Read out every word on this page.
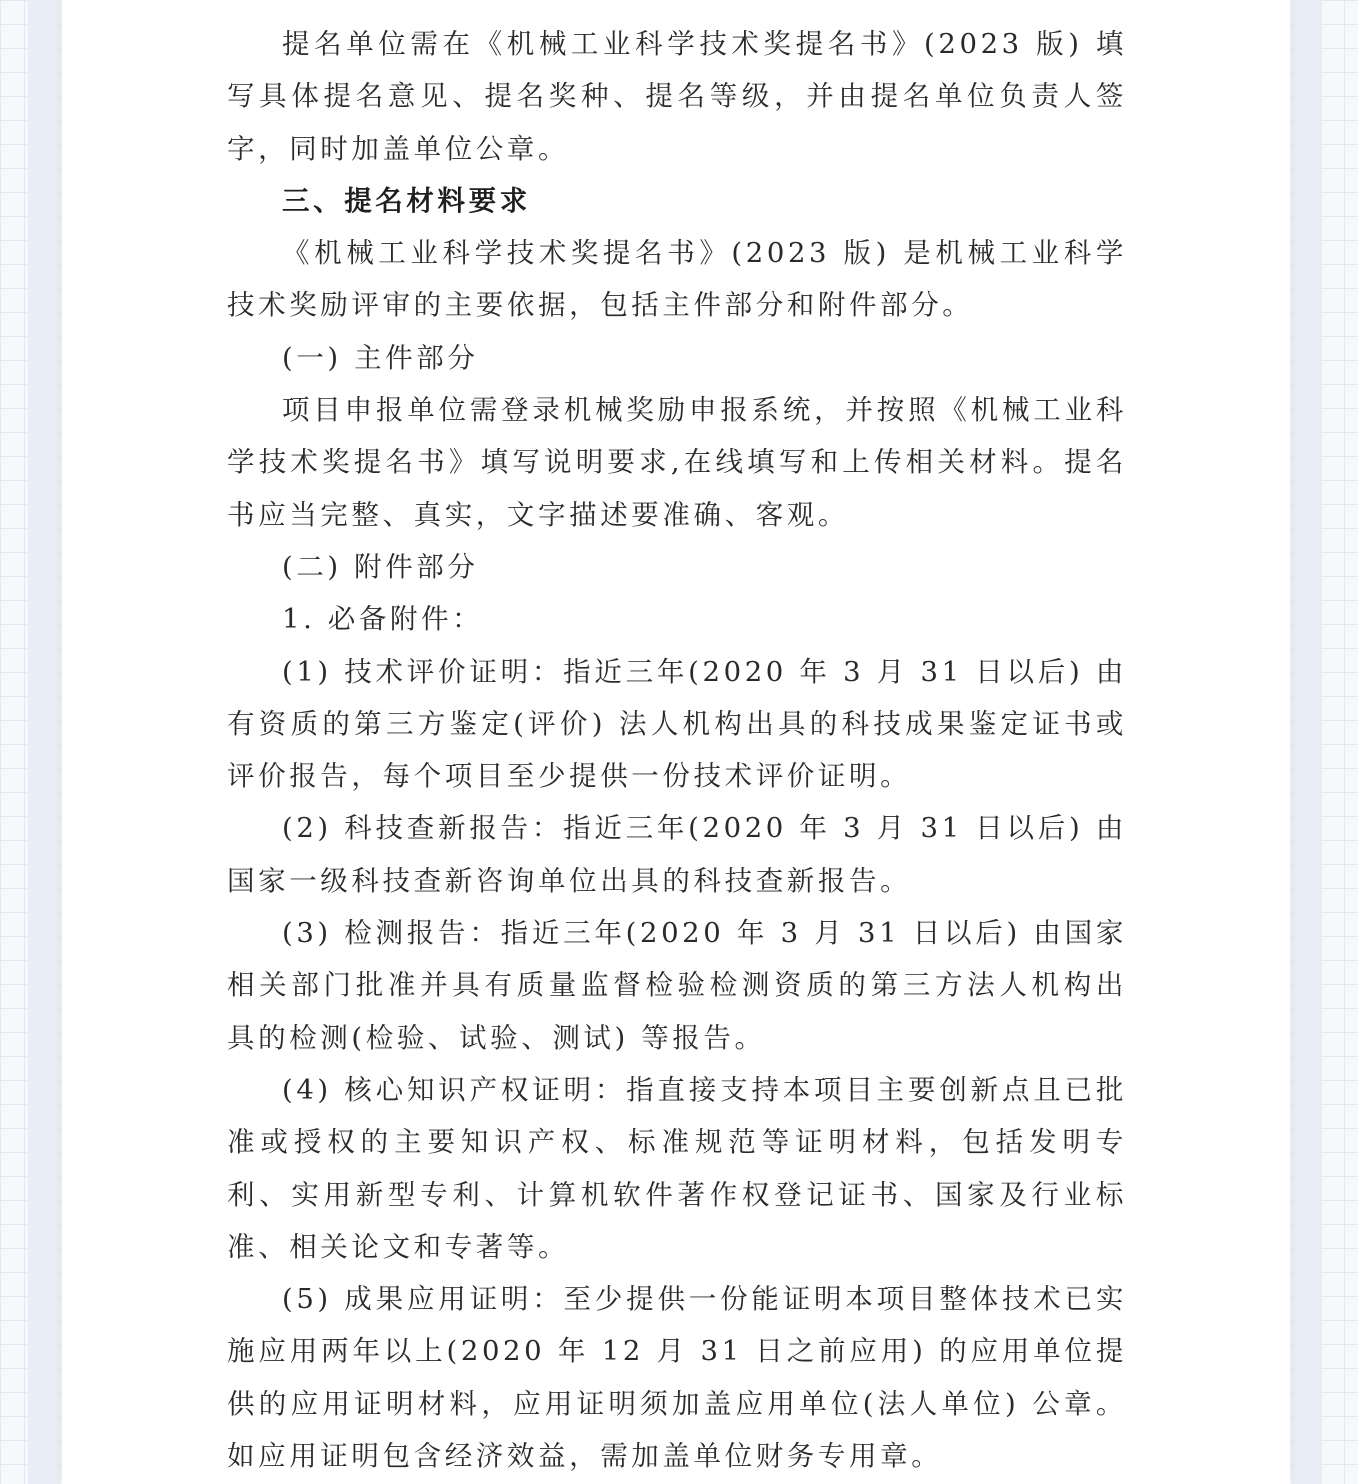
提名单位需在《机械工业科学技术奖提名书》(2023 版) 填写具体提名意见、提名奖种、提名等级，并由提名单位负责人签字，同时加盖单位公章。

三、提名材料要求

《机械工业科学技术奖提名书》(2023 版) 是机械工业科学技术奖励评审的主要依据，包括主件部分和附件部分。

(一) 主件部分

项目申报单位需登录机械奖励申报系统，并按照《机械工业科学技术奖提名书》填写说明要求,在线填写和上传相关材料。提名书应当完整、真实，文字描述要准确、客观。

(二) 附件部分

1. 必备附件：

(1) 技术评价证明：指近三年(2020 年 3 月 31 日以后) 由有资质的第三方鉴定(评价) 法人机构出具的科技成果鉴定证书或评价报告，每个项目至少提供一份技术评价证明。

(2) 科技查新报告：指近三年(2020 年 3 月 31 日以后) 由国家一级科技查新咨询单位出具的科技查新报告。

(3) 检测报告：指近三年(2020 年 3 月 31 日以后) 由国家相关部门批准并具有质量监督检验检测资质的第三方法人机构出具的检测(检验、试验、测试) 等报告。

(4) 核心知识产权证明：指直接支持本项目主要创新点且已批准或授权的主要知识产权、标准规范等证明材料，包括发明专利、实用新型专利、计算机软件著作权登记证书、国家及行业标准、相关论文和专著等。

(5) 成果应用证明：至少提供一份能证明本项目整体技术已实施应用两年以上(2020 年 12 月 31 日之前应用) 的应用单位提供的应用证明材料，应用证明须加盖应用单位(法人单位) 公章。如应用证明包含经济效益，需加盖单位财务专用章。
